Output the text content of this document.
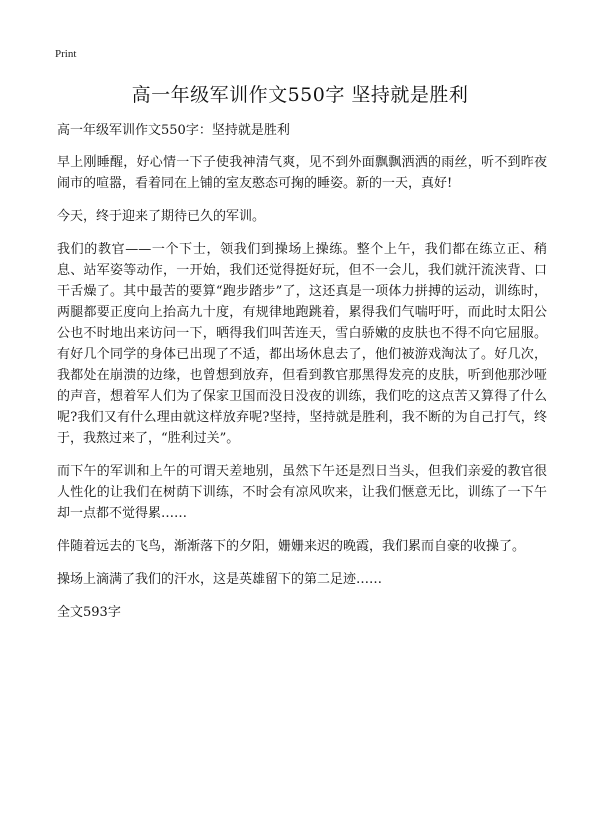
Print
高一年级军训作文550字 坚持就是胜利

高一年级军训作文550字：坚持就是胜利

早上刚睡醒，好心情一下子使我神清气爽，见不到外面飘飘洒洒的雨丝，听不到昨夜闹市的喧嚣，看着同在上铺的室友憨态可掬的睡姿。新的一天，真好!

今天，终于迎来了期待已久的军训。

我们的教官——一个下士，领我们到操场上操练。整个上午，我们都在练立正、稍息、站军姿等动作，一开始，我们还觉得挺好玩，但不一会儿，我们就汗流浃背、口干舌燥了。其中最苦的要算“跑步踏步”了，这还真是一项体力拼搏的运动，训练时，两腿都要正度向上抬高九十度，有规律地跑跳着，累得我们气喘吁吁，而此时太阳公公也不时地出来访问一下，晒得我们叫苦连天，雪白骄嫩的皮肤也不得不向它屈服。有好几个同学的身体已出现了不适，都出场休息去了，他们被游戏淘汰了。好几次，我都处在崩溃的边缘，也曾想到放弃，但看到教官那黑得发亮的皮肤，听到他那沙哑的声音，想着军人们为了保家卫国而没日没夜的训练，我们吃的这点苦又算得了什么呢?我们又有什么理由就这样放弃呢?坚持，坚持就是胜利，我不断的为自己打气，终于，我熬过来了，“胜利过关”。

而下午的军训和上午的可谓天差地别，虽然下午还是烈日当头，但我们亲爱的教官很人性化的让我们在树荫下训练，不时会有凉风吹来，让我们惬意无比，训练了一下午却一点都不觉得累……

伴随着远去的飞鸟，渐渐落下的夕阳，姗姗来迟的晚霞，我们累而自豪的收操了。

操场上滴满了我们的汗水，这是英雄留下的第二足迹……

全文593字
